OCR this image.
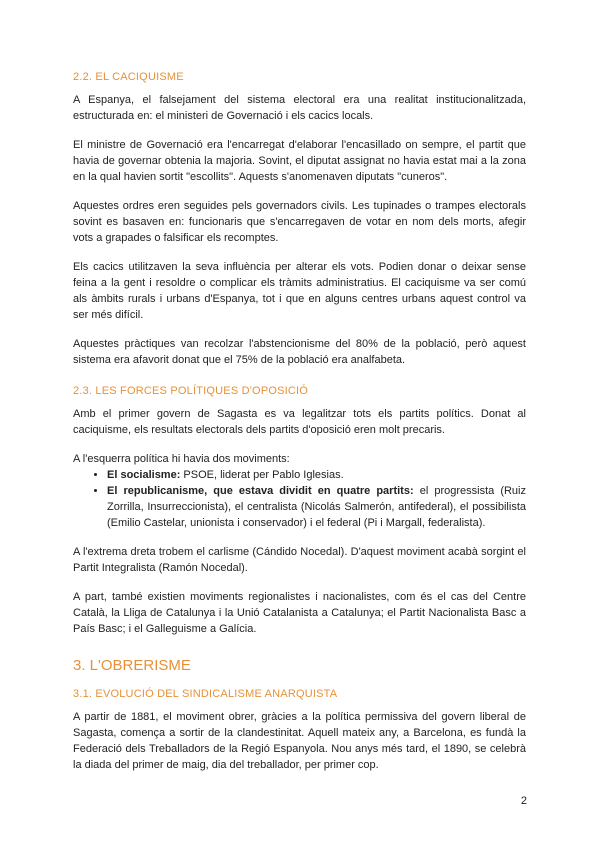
2.2. EL CACIQUISME

A Espanya, el falsejament del sistema electoral era una realitat institucionalitzada, estructurada en: el ministeri de Governació i els cacics locals.

El ministre de Governació era l'encarregat d'elaborar l'encasillado on sempre, el partit que havia de governar obtenia la majoria. Sovint, el diputat assignat no havia estat mai a la zona en la qual havien sortit "escollits". Aquests s'anomenaven diputats "cuneros".

Aquestes ordres eren seguides pels governadors civils. Les tupinades o trampes electorals sovint es basaven en: funcionaris que s'encarregaven de votar en nom dels morts, afegir vots a grapades o falsificar els recomptes.

Els cacics utilitzaven la seva influència per alterar els vots. Podien donar o deixar sense feina a la gent i resoldre o complicar els tràmits administratius. El caciquisme va ser comú als àmbits rurals i urbans d'Espanya, tot i que en alguns centres urbans aquest control va ser més difícil.

Aquestes pràctiques van recolzar l'abstencionisme del 80% de la població, però aquest sistema era afavorit donat que el 75% de la població era analfabeta.

2.3. LES FORCES POLÍTIQUES D'OPOSICIÓ

Amb el primer govern de Sagasta es va legalitzar tots els partits polítics. Donat al caciquisme, els resultats electorals dels partits d'oposició eren molt precaris.

A l'esquerra política hi havia dos moviments:

• El socialisme: PSOE, liderat per Pablo Iglesias.
• El republicanisme, que estava dividit en quatre partits: el progressista (Ruiz Zorrilla, Insurreccionista), el centralista (Nicolás Salmerón, antifederal), el possibilista (Emilio Castelar, unionista i conservador) i el federal (Pi i Margall, federalista).

A l'extrema dreta trobem el carlisme (Cándido Nocedal). D'aquest moviment acabà sorgint el Partit Integralista (Ramón Nocedal).

A part, també existien moviments regionalistes i nacionalistes, com és el cas del Centre Català, la Lliga de Catalunya i la Unió Catalanista a Catalunya; el Partit Nacionalista Basc a País Basc; i el Galleguisme a Galícia.

3. L'OBRERISME
3.1. EVOLUCIÓ DEL SINDICALISME ANARQUISTA

A partir de 1881, el moviment obrer, gràcies a la política permissiva del govern liberal de Sagasta, comença a sortir de la clandestinitat. Aquell mateix any, a Barcelona, es fundà la Federació dels Treballadors de la Regió Espanyola. Nou anys més tard, el 1890, se celebrà la diada del primer de maig, dia del treballador, per primer cop.

2
